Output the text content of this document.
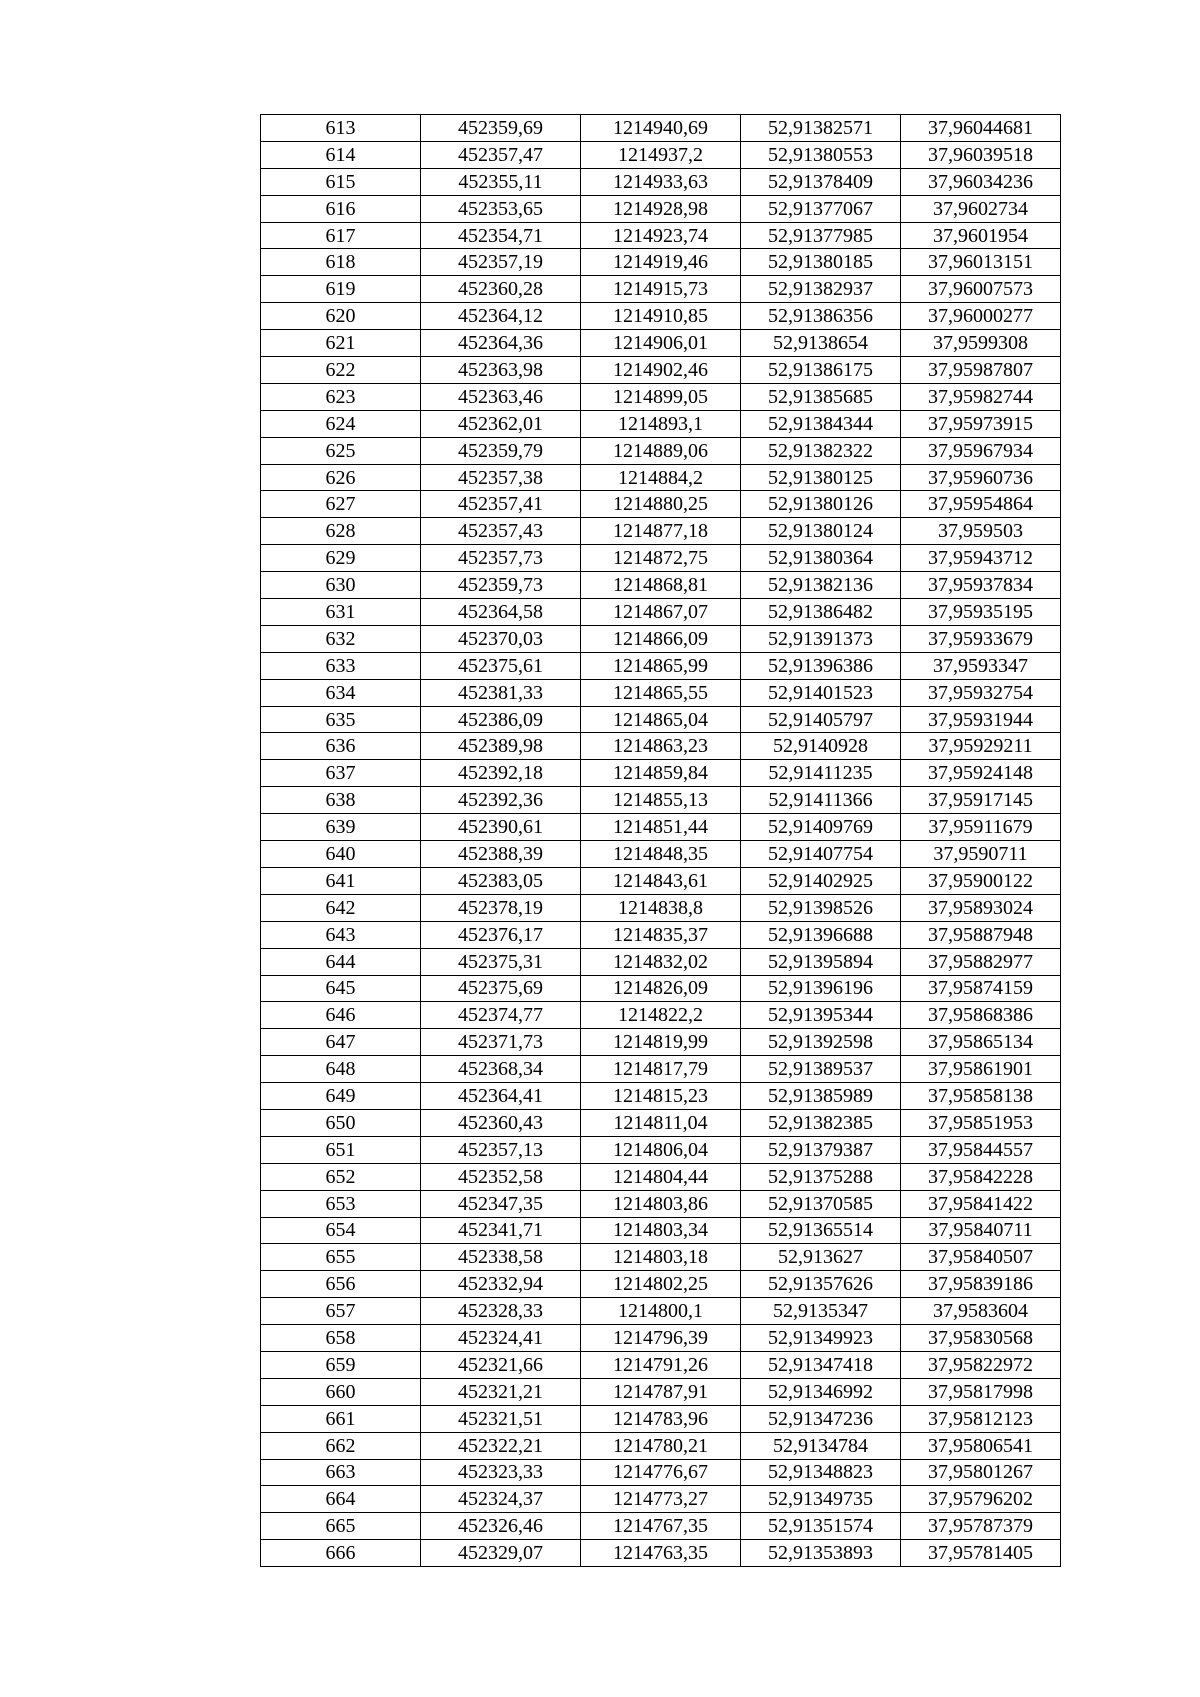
613	452359,69	1214940,69	52,91382571	37,96044681
614	452357,47	1214937,2	52,91380553	37,96039518
615	452355,11	1214933,63	52,91378409	37,96034236
616	452353,65	1214928,98	52,91377067	37,9602734
617	452354,71	1214923,74	52,91377985	37,9601954
618	452357,19	1214919,46	52,91380185	37,96013151
619	452360,28	1214915,73	52,91382937	37,96007573
620	452364,12	1214910,85	52,91386356	37,96000277
621	452364,36	1214906,01	52,9138654	37,9599308
622	452363,98	1214902,46	52,91386175	37,95987807
623	452363,46	1214899,05	52,91385685	37,95982744
624	452362,01	1214893,1	52,91384344	37,95973915
625	452359,79	1214889,06	52,91382322	37,95967934
626	452357,38	1214884,2	52,91380125	37,95960736
627	452357,41	1214880,25	52,91380126	37,95954864
628	452357,43	1214877,18	52,91380124	37,959503
629	452357,73	1214872,75	52,91380364	37,95943712
630	452359,73	1214868,81	52,91382136	37,95937834
631	452364,58	1214867,07	52,91386482	37,95935195
632	452370,03	1214866,09	52,91391373	37,95933679
633	452375,61	1214865,99	52,91396386	37,9593347
634	452381,33	1214865,55	52,91401523	37,95932754
635	452386,09	1214865,04	52,91405797	37,95931944
636	452389,98	1214863,23	52,9140928	37,95929211
637	452392,18	1214859,84	52,91411235	37,95924148
638	452392,36	1214855,13	52,91411366	37,95917145
639	452390,61	1214851,44	52,91409769	37,95911679
640	452388,39	1214848,35	52,91407754	37,9590711
641	452383,05	1214843,61	52,91402925	37,95900122
642	452378,19	1214838,8	52,91398526	37,95893024
643	452376,17	1214835,37	52,91396688	37,95887948
644	452375,31	1214832,02	52,91395894	37,95882977
645	452375,69	1214826,09	52,91396196	37,95874159
646	452374,77	1214822,2	52,91395344	37,95868386
647	452371,73	1214819,99	52,91392598	37,95865134
648	452368,34	1214817,79	52,91389537	37,95861901
649	452364,41	1214815,23	52,91385989	37,95858138
650	452360,43	1214811,04	52,91382385	37,95851953
651	452357,13	1214806,04	52,91379387	37,95844557
652	452352,58	1214804,44	52,91375288	37,95842228
653	452347,35	1214803,86	52,91370585	37,95841422
654	452341,71	1214803,34	52,91365514	37,95840711
655	452338,58	1214803,18	52,913627	37,95840507
656	452332,94	1214802,25	52,91357626	37,95839186
657	452328,33	1214800,1	52,9135347	37,9583604
658	452324,41	1214796,39	52,91349923	37,95830568
659	452321,66	1214791,26	52,91347418	37,95822972
660	452321,21	1214787,91	52,91346992	37,95817998
661	452321,51	1214783,96	52,91347236	37,95812123
662	452322,21	1214780,21	52,9134784	37,95806541
663	452323,33	1214776,67	52,91348823	37,95801267
664	452324,37	1214773,27	52,91349735	37,95796202
665	452326,46	1214767,35	52,91351574	37,95787379
666	452329,07	1214763,35	52,91353893	37,95781405
